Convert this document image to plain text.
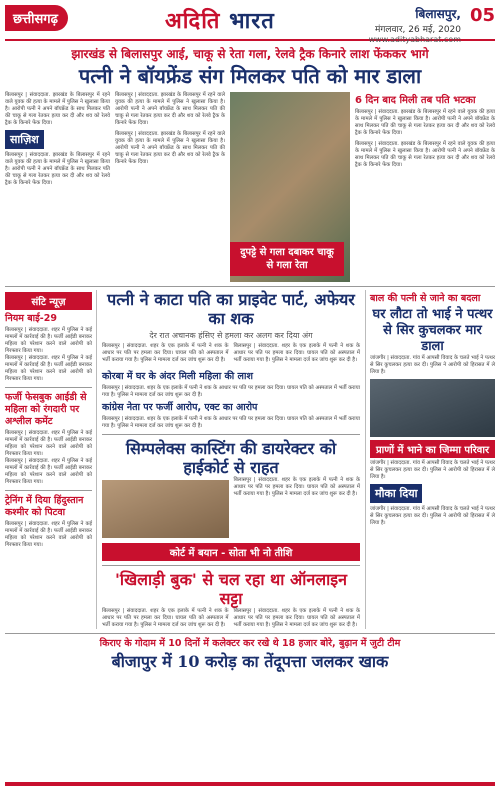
छत्तीसगढ़	अदिति भारत	बिलासपुर,
मंगलवार, 26 मई, 2020
www.adityabharat.com
05
झारखंड से बिलासपुर आई, चाकू से रेता गला, रेलवे ट्रैक किनारे लाश फेंककर भागे
पत्नी ने बॉयफ्रेंड संग मिलकर पति को मार डाला
बिलासपुर | संवाददाता. झारखंड के बिलासपुर में रहने वाले युवक की हत्या के मामले में पुलिस ने खुलासा किया है। आरोपी पत्नी ने अपने बॉयफ्रेंड के साथ मिलकर पति की चाकू से गला रेतकर हत्या कर दी और शव को रेलवे ट्रैक के किनारे फेंक दिया।
साज़िश
बिलासपुर | संवाददाता. झारखंड के बिलासपुर में रहने वाले युवक की हत्या के मामले में पुलिस ने खुलासा किया है। आरोपी पत्नी ने अपने बॉयफ्रेंड के साथ मिलकर पति की चाकू से गला रेतकर हत्या कर दी और शव को रेलवे ट्रैक के किनारे फेंक दिया।
बिलासपुर | संवाददाता. झारखंड के बिलासपुर में रहने वाले युवक की हत्या के मामले में पुलिस ने खुलासा किया है। आरोपी पत्नी ने अपने बॉयफ्रेंड के साथ मिलकर पति की चाकू से गला रेतकर हत्या कर दी और शव को रेलवे ट्रैक के किनारे फेंक दिया।
बिलासपुर | संवाददाता. झारखंड के बिलासपुर में रहने वाले युवक की हत्या के मामले में पुलिस ने खुलासा किया है। आरोपी पत्नी ने अपने बॉयफ्रेंड के साथ मिलकर पति की चाकू से गला रेतकर हत्या कर दी और शव को रेलवे ट्रैक के किनारे फेंक दिया।
दुपट्टे से गला दबाकर चाकू से गला रेता
6 दिन बाद मिली तब पति भटका
बिलासपुर | संवाददाता. झारखंड के बिलासपुर में रहने वाले युवक की हत्या के मामले में पुलिस ने खुलासा किया है। आरोपी पत्नी ने अपने बॉयफ्रेंड के साथ मिलकर पति की चाकू से गला रेतकर हत्या कर दी और शव को रेलवे ट्रैक के किनारे फेंक दिया।
बिलासपुर | संवाददाता. झारखंड के बिलासपुर में रहने वाले युवक की हत्या के मामले में पुलिस ने खुलासा किया है। आरोपी पत्नी ने अपने बॉयफ्रेंड के साथ मिलकर पति की चाकू से गला रेतकर हत्या कर दी और शव को रेलवे ट्रैक के किनारे फेंक दिया।
संटि न्यूज़
नियम बाई-29
बिलासपुर | संवाददाता. शहर में पुलिस ने कई मामलों में कार्रवाई की है। फर्जी आईडी बनाकर महिला को परेशान करने वाले आरोपी को गिरफ्तार किया गया।
बिलासपुर | संवाददाता. शहर में पुलिस ने कई मामलों में कार्रवाई की है। फर्जी आईडी बनाकर महिला को परेशान करने वाले आरोपी को गिरफ्तार किया गया।
फर्जी फेसबुक आईडी से महिला को रंगदारी पर अश्लील कमेंट
बिलासपुर | संवाददाता. शहर में पुलिस ने कई मामलों में कार्रवाई की है। फर्जी आईडी बनाकर महिला को परेशान करने वाले आरोपी को गिरफ्तार किया गया।
बिलासपुर | संवाददाता. शहर में पुलिस ने कई मामलों में कार्रवाई की है। फर्जी आईडी बनाकर महिला को परेशान करने वाले आरोपी को गिरफ्तार किया गया।
ट्रेनिंग में दिया हिंदुस्तान कश्मीर को पिटवा
बिलासपुर | संवाददाता. शहर में पुलिस ने कई मामलों में कार्रवाई की है। फर्जी आईडी बनाकर महिला को परेशान करने वाले आरोपी को गिरफ्तार किया गया।
पत्नी ने काटा पति का प्राइवेट पार्ट, अफेयर का शक
देर रात अचानक हंसिए से हमला कर अलग कर दिया अंग
बिलासपुर | संवाददाता. शहर के एक इलाके में पत्नी ने शक के आधार पर पति पर हमला कर दिया। घायल पति को अस्पताल में भर्ती कराया गया है। पुलिस ने मामला दर्ज कर जांच शुरू कर दी है।
बिलासपुर | संवाददाता. शहर के एक इलाके में पत्नी ने शक के आधार पर पति पर हमला कर दिया। घायल पति को अस्पताल में भर्ती कराया गया है। पुलिस ने मामला दर्ज कर जांच शुरू कर दी है।
कोरबा में घर के अंदर मिली महिला की लाश
बिलासपुर | संवाददाता. शहर के एक इलाके में पत्नी ने शक के आधार पर पति पर हमला कर दिया। घायल पति को अस्पताल में भर्ती कराया गया है। पुलिस ने मामला दर्ज कर जांच शुरू कर दी है।
कांग्रेस नेता पर फर्जी आरोप, एक्ट का आरोप
बिलासपुर | संवाददाता. शहर के एक इलाके में पत्नी ने शक के आधार पर पति पर हमला कर दिया। घायल पति को अस्पताल में भर्ती कराया गया है। पुलिस ने मामला दर्ज कर जांच शुरू कर दी है।
सिम्पलेक्स कास्टिंग की डायरेक्टर को हाईकोर्ट से राहत
बिलासपुर | संवाददाता. शहर के एक इलाके में पत्नी ने शक के आधार पर पति पर हमला कर दिया। घायल पति को अस्पताल में भर्ती कराया गया है। पुलिस ने मामला दर्ज कर जांच शुरू कर दी है।
कोर्ट में बयान - सोता भी नो तीशि
'खिलाड़ी बुक' से चल रहा था ऑनलाइन सट्टा
बिलासपुर | संवाददाता. शहर के एक इलाके में पत्नी ने शक के आधार पर पति पर हमला कर दिया। घायल पति को अस्पताल में भर्ती कराया गया है। पुलिस ने मामला दर्ज कर जांच शुरू कर दी है।
बिलासपुर | संवाददाता. शहर के एक इलाके में पत्नी ने शक के आधार पर पति पर हमला कर दिया। घायल पति को अस्पताल में भर्ती कराया गया है। पुलिस ने मामला दर्ज कर जांच शुरू कर दी है।
बाल की पत्नी से जाने का बदला
घर लौटा तो भाई ने पत्थर से सिर कुचलकर मार डाला
जांजगीर | संवाददाता. गांव में आपसी विवाद के चलते भाई ने पत्थर से सिर कुचलकर हत्या कर दी। पुलिस ने आरोपी को हिरासत में ले लिया है।
प्राणों में भाने का जिम्मा परिवार
जांजगीर | संवाददाता. गांव में आपसी विवाद के चलते भाई ने पत्थर से सिर कुचलकर हत्या कर दी। पुलिस ने आरोपी को हिरासत में ले लिया है।
मौका दिया
जांजगीर | संवाददाता. गांव में आपसी विवाद के चलते भाई ने पत्थर से सिर कुचलकर हत्या कर दी। पुलिस ने आरोपी को हिरासत में ले लिया है।
किराए के गोदाम में 10 दिनों में कलेक्टर कर रखे थे 18 हजार बोरे, बुढ़ान में जुटी टीम
बीजापुर में 10 करोड़ का तेंदूपत्ता जलकर खाक
